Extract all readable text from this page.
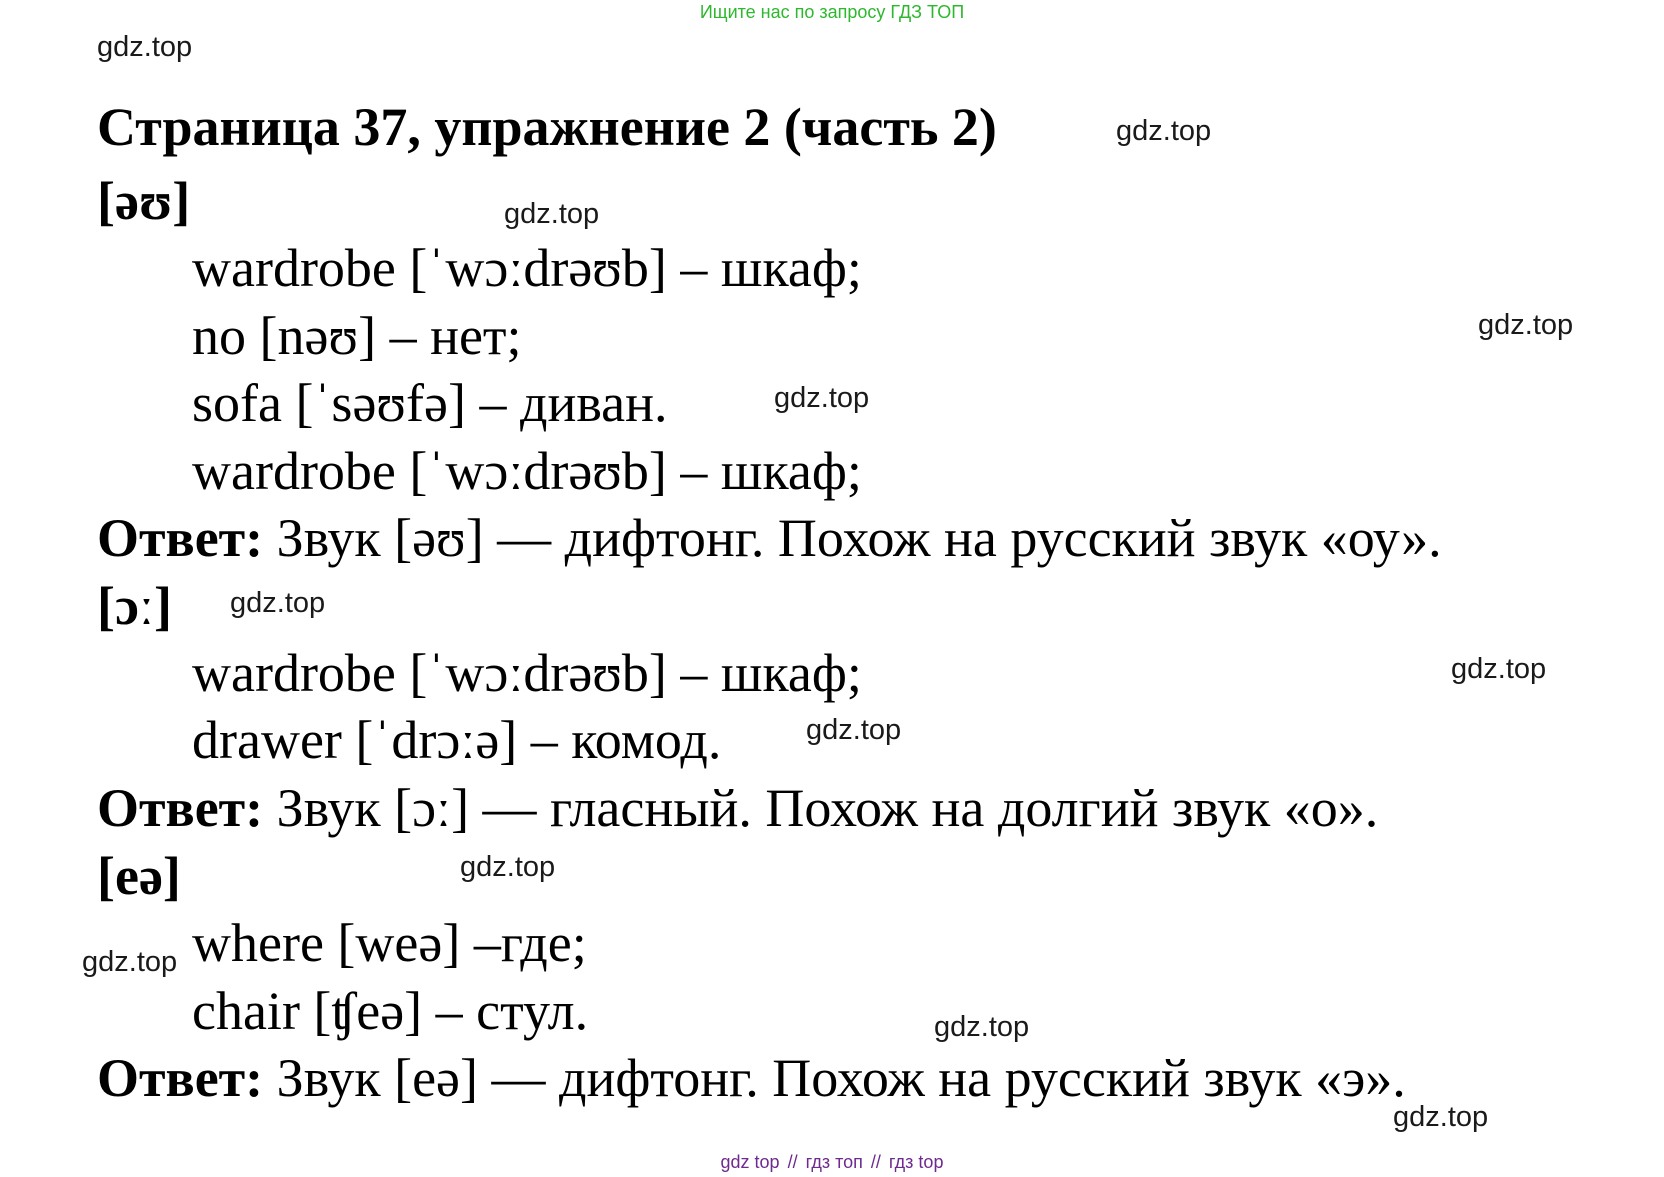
Ищите нас по запросу ГДЗ ТОП
gdz.top
Страница 37, упражнение 2 (часть 2)	gdz.top
[əʊ]	gdz.top
wardrobe [ˈwɔːdrəʊb] – шкаф;
no [nəʊ] – нет;	gdz.top
sofa [ˈsəʊfə] – диван.	gdz.top
wardrobe [ˈwɔːdrəʊb] – шкаф;
Ответ: Звук [əʊ] — дифтонг. Похож на русский звук «оу».
[ɔː] gdz.top
wardrobe [ˈwɔːdrəʊb] – шкаф;	gdz.top
drawer [ˈdrɔːə] – комод.	gdz.top
Ответ: Звук [ɔː] — гласный. Похож на долгий звук «о».
[eə]	gdz.top
where [weə] –где;
gdz.top
chair [ʧeə] – стул.	gdz.top
Ответ: Звук [eə] — дифтонг. Похож на русский звук «э».
gdz.top
gdz top // гдз топ // гдз top
